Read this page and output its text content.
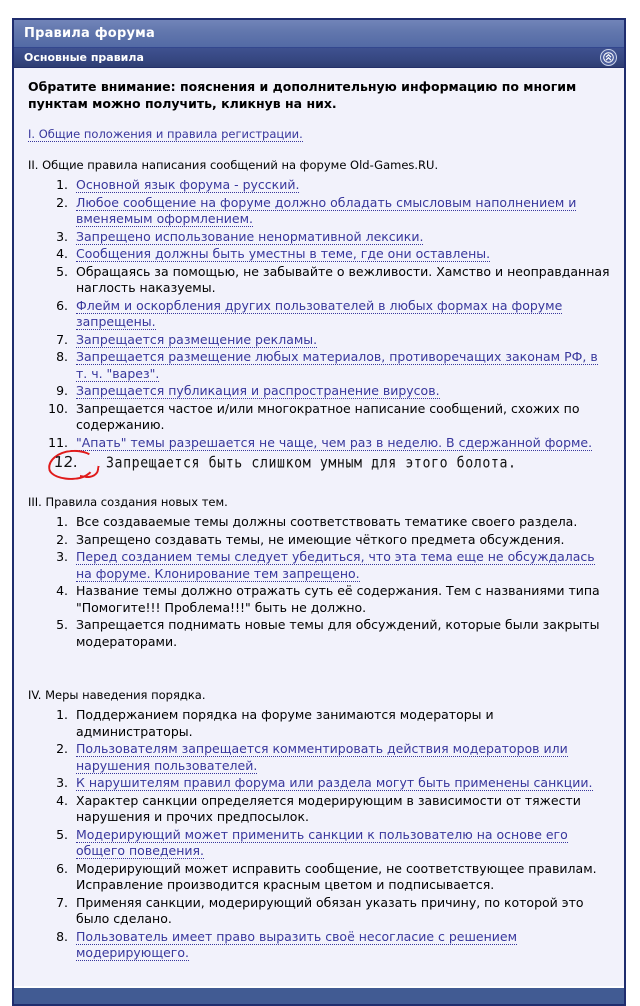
Правила форума
Основные правила

Обратите внимание: пояснения и дополнительную информацию по многим пунктам можно получить, кликнув на них.

I. Общие положения и правила регистрации.
II. Общие правила написания сообщений на форуме Old-Games.RU.
1. Основной язык форума - русский.
2. Любое сообщение на форуме должно обладать смысловым наполнением и вменяемым оформлением.
3. Запрещено использование ненормативной лексики.
4. Сообщения должны быть уместны в теме, где они оставлены.
5. Обращаясь за помощью, не забывайте о вежливости. Хамство и неоправданная наглость наказуемы.
6. Флейм и оскорбления других пользователей в любых формах на форуме запрещены.
7. Запрещается размещение рекламы.
8. Запрещается размещение любых материалов, противоречащих законам РФ, в т. ч. "варез".
9. Запрещается публикация и распространение вирусов.
10. Запрещается частое и/или многократное написание сообщений, схожих по содержанию.
11. "Апать" темы разрешается не чаще, чем раз в неделю. В сдержанной форме.
12. Запрещается быть слишком умным для этого болота.
III. Правила создания новых тем.
1. Все создаваемые темы должны соответствовать тематике своего раздела.
2. Запрещено создавать темы, не имеющие чёткого предмета обсуждения.
3. Перед созданием темы следует убедиться, что эта тема еще не обсуждалась на форуме. Клонирование тем запрещено.
4. Название темы должно отражать суть её содержания. Тем с названиями типа "Помогите!!! Проблема!!!" быть не должно.
5. Запрещается поднимать новые темы для обсуждений, которые были закрыты модераторами.
IV. Меры наведения порядка.
1. Поддержанием порядка на форуме занимаются модераторы и администраторы.
2. Пользователям запрещается комментировать действия модераторов или нарушения пользователей.
3. К нарушителям правил форума или раздела могут быть применены санкции.
4. Характер санкции определяется модерирующим в зависимости от тяжести нарушения и прочих предпосылок.
5. Модерирующий может применить санкции к пользователю на основе его общего поведения.
6. Модерирующий может исправить сообщение, не соответствующее правилам. Исправление производится красным цветом и подписывается.
7. Применяя санкции, модерирующий обязан указать причину, по которой это было сделано.
8. Пользователь имеет право выразить своё несогласие с решением модерирующего.
